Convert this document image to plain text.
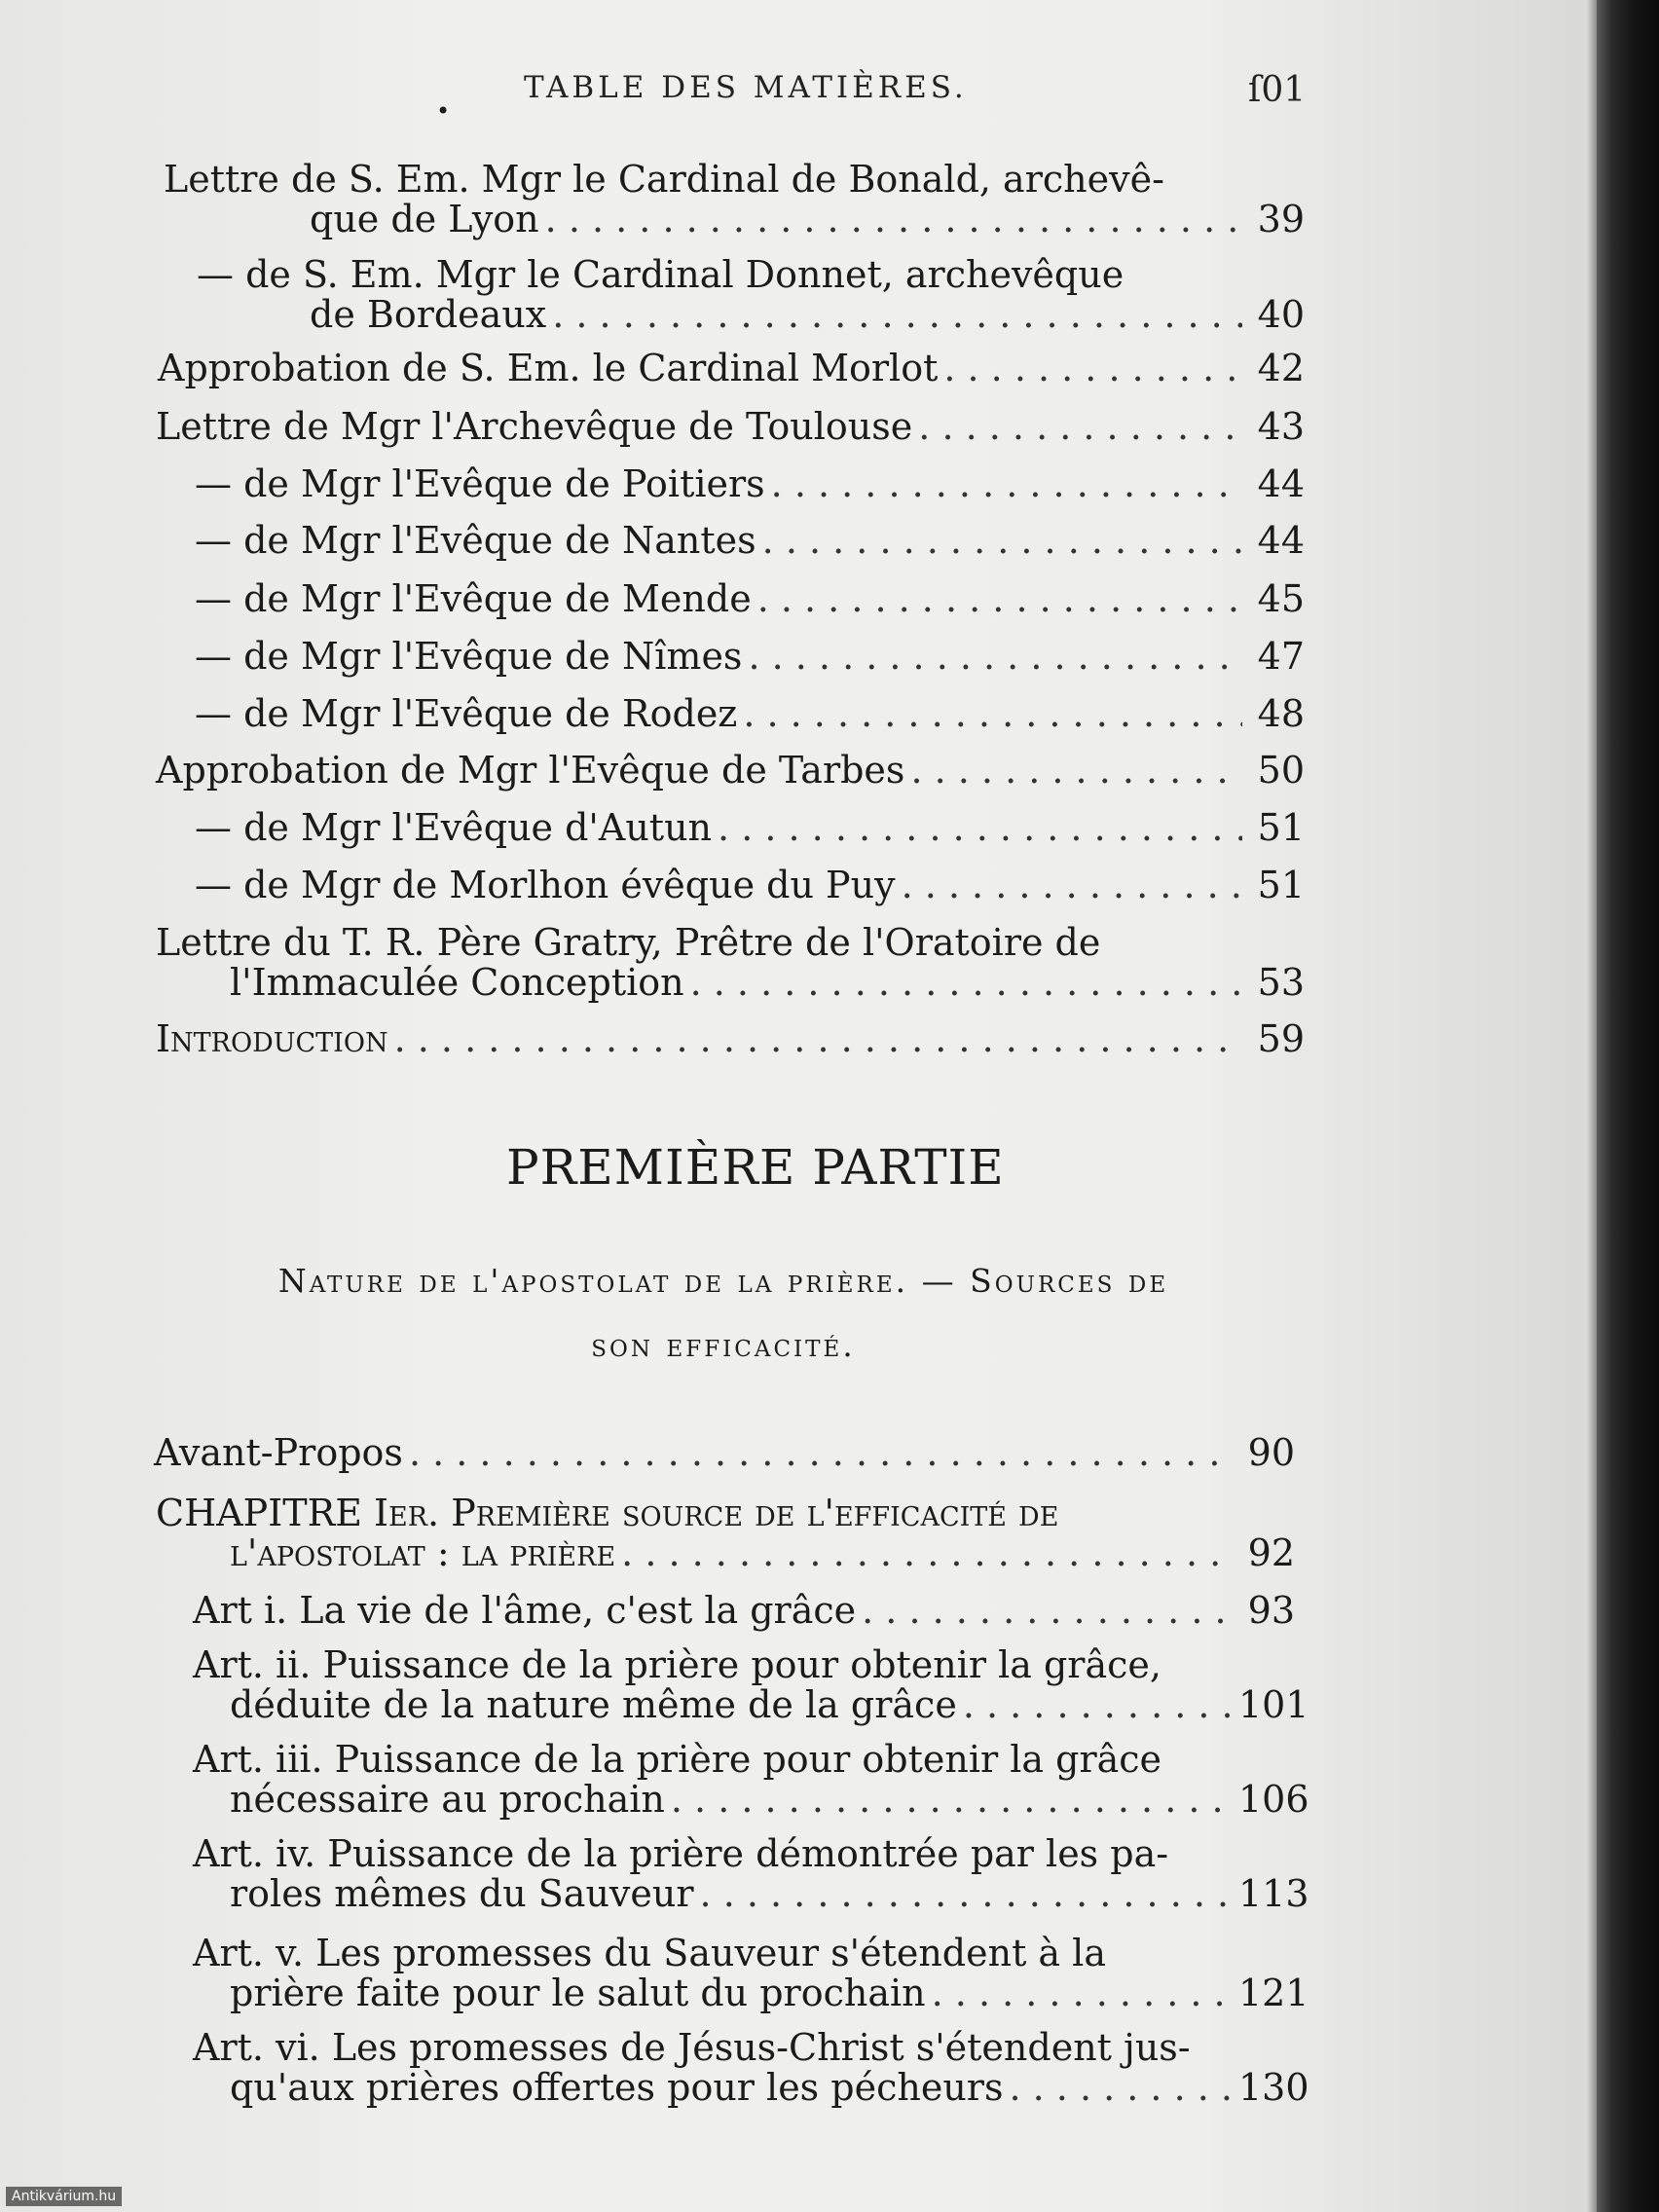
•
TABLE DES MATIÈRES.	ſ01
Lettre de S. Em. Mgr le Cardinal de Bonald, archevê-
que de Lyon . . .	39
— de S. Em. Mgr le Cardinal Donnet, archevêque
de Bordeaux . . .	40
Approbation de S. Em. le Cardinal Morlot . . .	42
Lettre de Mgr l'Archevêque de Toulouse . . .	43
— de Mgr l'Evêque de Poitiers . . .	44
— de Mgr l'Evêque de Nantes . . .	44
— de Mgr l'Evêque de Mende . . .	45
— de Mgr l'Evêque de Nîmes . . .	47
— de Mgr l'Evêque de Rodez . . .	48
Approbation de Mgr l'Evêque de Tarbes . . .	50
— de Mgr l'Evêque d'Autun . . .	51
— de Mgr de Morlhon évêque du Puy . . .	51
Lettre du T. R. Père Gratry, Prêtre de l'Oratoire de
l'Immaculée Conception . . .	53
Introduction . . .	59
PREMIÈRE PARTIE
Nature de l'apostolat de la prière. — Sources de
son efficacité.
Avant-Propos . . .	90
CHAPITRE Ier. Première source de l'efficacité de
l'apostolat : la prière . . .	92
Art i. La vie de l'âme, c'est la grâce . . .	93
Art. ii. Puissance de la prière pour obtenir la grâce,
déduite de la nature même de la grâce . . .	101
Art. iii. Puissance de la prière pour obtenir la grâce
nécessaire au prochain . . .	106
Art. iv. Puissance de la prière démontrée par les pa-
roles mêmes du Sauveur . . .	113
Art. v. Les promesses du Sauveur s'étendent à la
prière faite pour le salut du prochain . . .	121
Art. vi. Les promesses de Jésus-Christ s'étendent jus-
qu'aux prières offertes pour les pécheurs . . .	130
Antikvárium.hu
